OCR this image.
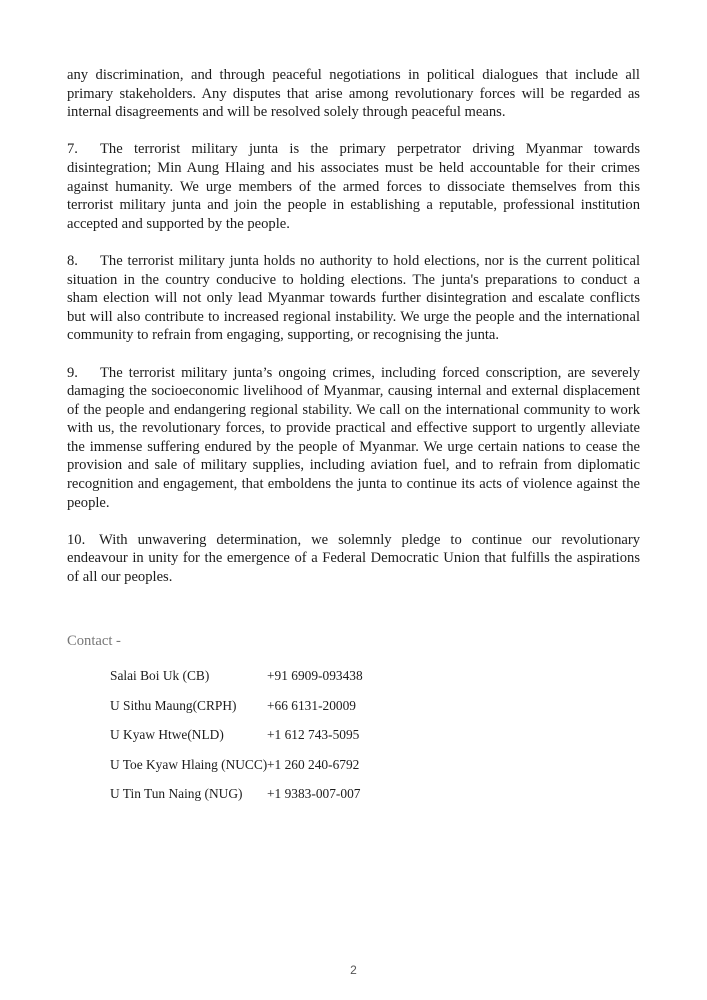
any discrimination, and through peaceful negotiations in political dialogues that include all primary stakeholders. Any disputes that arise among revolutionary forces will be regarded as internal disagreements and will be resolved solely through peaceful means.

7. The terrorist military junta is the primary perpetrator driving Myanmar towards disintegration; Min Aung Hlaing and his associates must be held accountable for their crimes against humanity. We urge members of the armed forces to dissociate themselves from this terrorist military junta and join the people in establishing a reputable, professional institution accepted and supported by the people.

8. The terrorist military junta holds no authority to hold elections, nor is the current political situation in the country conducive to holding elections. The junta's preparations to conduct a sham election will not only lead Myanmar towards further disintegration and escalate conflicts but will also contribute to increased regional instability. We urge the people and the international community to refrain from engaging, supporting, or recognising the junta.

9. The terrorist military junta’s ongoing crimes, including forced conscription, are severely damaging the socioeconomic livelihood of Myanmar, causing internal and external displacement of the people and endangering regional stability. We call on the international community to work with us, the revolutionary forces, to provide practical and effective support to urgently alleviate the immense suffering endured by the people of Myanmar. We urge certain nations to cease the provision and sale of military supplies, including aviation fuel, and to refrain from diplomatic recognition and engagement, that emboldens the junta to continue its acts of violence against the people.

10. With unwavering determination, we solemnly pledge to continue our revolutionary endeavour in unity for the emergence of a Federal Democratic Union that fulfills the aspirations of all our peoples.

Contact -
Salai Boi Uk (CB)	+91 6909-093438
U Sithu Maung(CRPH)	+66 6131-20009
U Kyaw Htwe(NLD)	+1 612 743-5095
U Toe Kyaw Hlaing (NUCC) +1 260 240-6792
U Tin Tun Naing (NUG)	+1 9383-007-007
2
